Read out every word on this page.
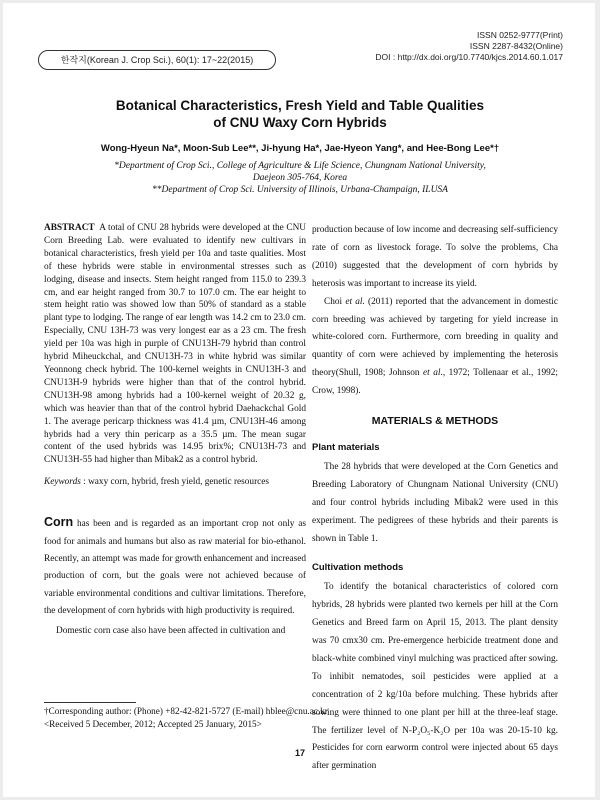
한작지(Korean J. Crop Sci.), 60(1): 17~22(2015)
ISSN 0252-9777(Print)
ISSN 2287-8432(Online)
DOI : http://dx.doi.org/10.7740/kjcs.2014.60.1.017
Botanical Characteristics, Fresh Yield and Table Qualities
of CNU Waxy Corn Hybrids
Wong-Hyeun Na*, Moon-Sub Lee**, Ji-hyung Ha*, Jae-Hyeon Yang*, and Hee-Bong Lee*†
*Department of Crop Sci., College of Agriculture & Life Science, Chungnam National University,
Daejeon 305-764, Korea
**Department of Crop Sci. University of Illinois, Urbana-Champaign, ILUSA

ABSTRACT A total of CNU 28 hybrids were developed at the CNU Corn Breeding Lab. were evaluated to identify new cultivars in botanical characteristics, fresh yield per 10a and taste qualities. Most of these hybrids were stable in environmental stresses such as lodging, disease and insects. Stem height ranged from 115.0 to 239.3 cm, and ear height ranged from 30.7 to 107.0 cm. The ear height to stem height ratio was showed low than 50% of standard as a stable plant type to lodging. The range of ear length was 14.2 cm to 23.0 cm. Especially, CNU 13H-73 was very longest ear as a 23 cm. The fresh yield per 10a was high in purple of CNU13H-79 hybrid than control hybrid Miheuckchal, and CNU13H-73 in white hybrid was similar Yeonnong check hybrid. The 100-kernel weights in CNU13H-3 and CNU13H-9 hybrids were higher than that of the control hybrid. CNU13H-98 among hybrids had a 100-kernel weight of 20.32 g, which was heavier than that of the control hybrid Daehackchal Gold 1. The average pericarp thickness was 41.4 µm, CNU13H-46 among hybrids had a very thin pericarp as a 35.5 µm. The mean sugar content of the used hybrids was 14.95 brix%; CNU13H-73 and CNU13H-55 had higher than Mibak2 as a control hybrid.

Keywords : waxy corn, hybrid, fresh yield, genetic resources

Corn has been and is regarded as an important crop not only as food for animals and humans but also as raw material for bio-ethanol. Recently, an attempt was made for growth enhancement and increased production of corn, but the goals were not achieved because of variable environmental conditions and cultivar limitations. Therefore, the development of corn hybrids with high productivity is required.

Domestic corn case also have been affected in cultivation and

production because of low income and decreasing self-sufficiency rate of corn as livestock forage. To solve the problems, Cha (2010) suggested that the development of corn hybrids by heterosis was important to increase its yield.

Choi et al. (2011) reported that the advancement in domestic corn breeding was achieved by targeting for yield increase in white-colored corn. Furthermore, corn breeding in quality and quantity of corn were achieved by implementing the heterosis theory(Shull, 1908; Johnson et al., 1972; Tollenaar et al., 1992; Crow, 1998).

MATERIALS & METHODS
Plant materials

The 28 hybrids that were developed at the Corn Genetics and Breeding Laboratory of Chungnam National University (CNU) and four control hybrids including Mibak2 were used in this experiment. The pedigrees of these hybrids and their parents is shown in Table 1.

Cultivation methods

To identify the botanical characteristics of colored corn hybrids, 28 hybrids were planted two kernels per hill at the Corn Genetics and Breed farm on April 15, 2013. The plant density was 70 cmx30 cm. Pre-emergence herbicide treatment done and black-white combined vinyl mulching was practiced after sowing. To inhibit nematodes, soil pesticides were applied at a concentration of 2 kg/10a before mulching. These hybrids after sowing were thinned to one plant per hill at the three-leaf stage. The fertilizer level of N-P₂O₅-K₂O per 10a was 20-15-10 kg. Pesticides for corn earworm control were injected about 65 days after germination

†Corresponding author: (Phone) +82-42-821-5727 (E-mail) hblee@cnu.ac.kr
<Received 5 December, 2012; Accepted 25 January, 2015>
17
